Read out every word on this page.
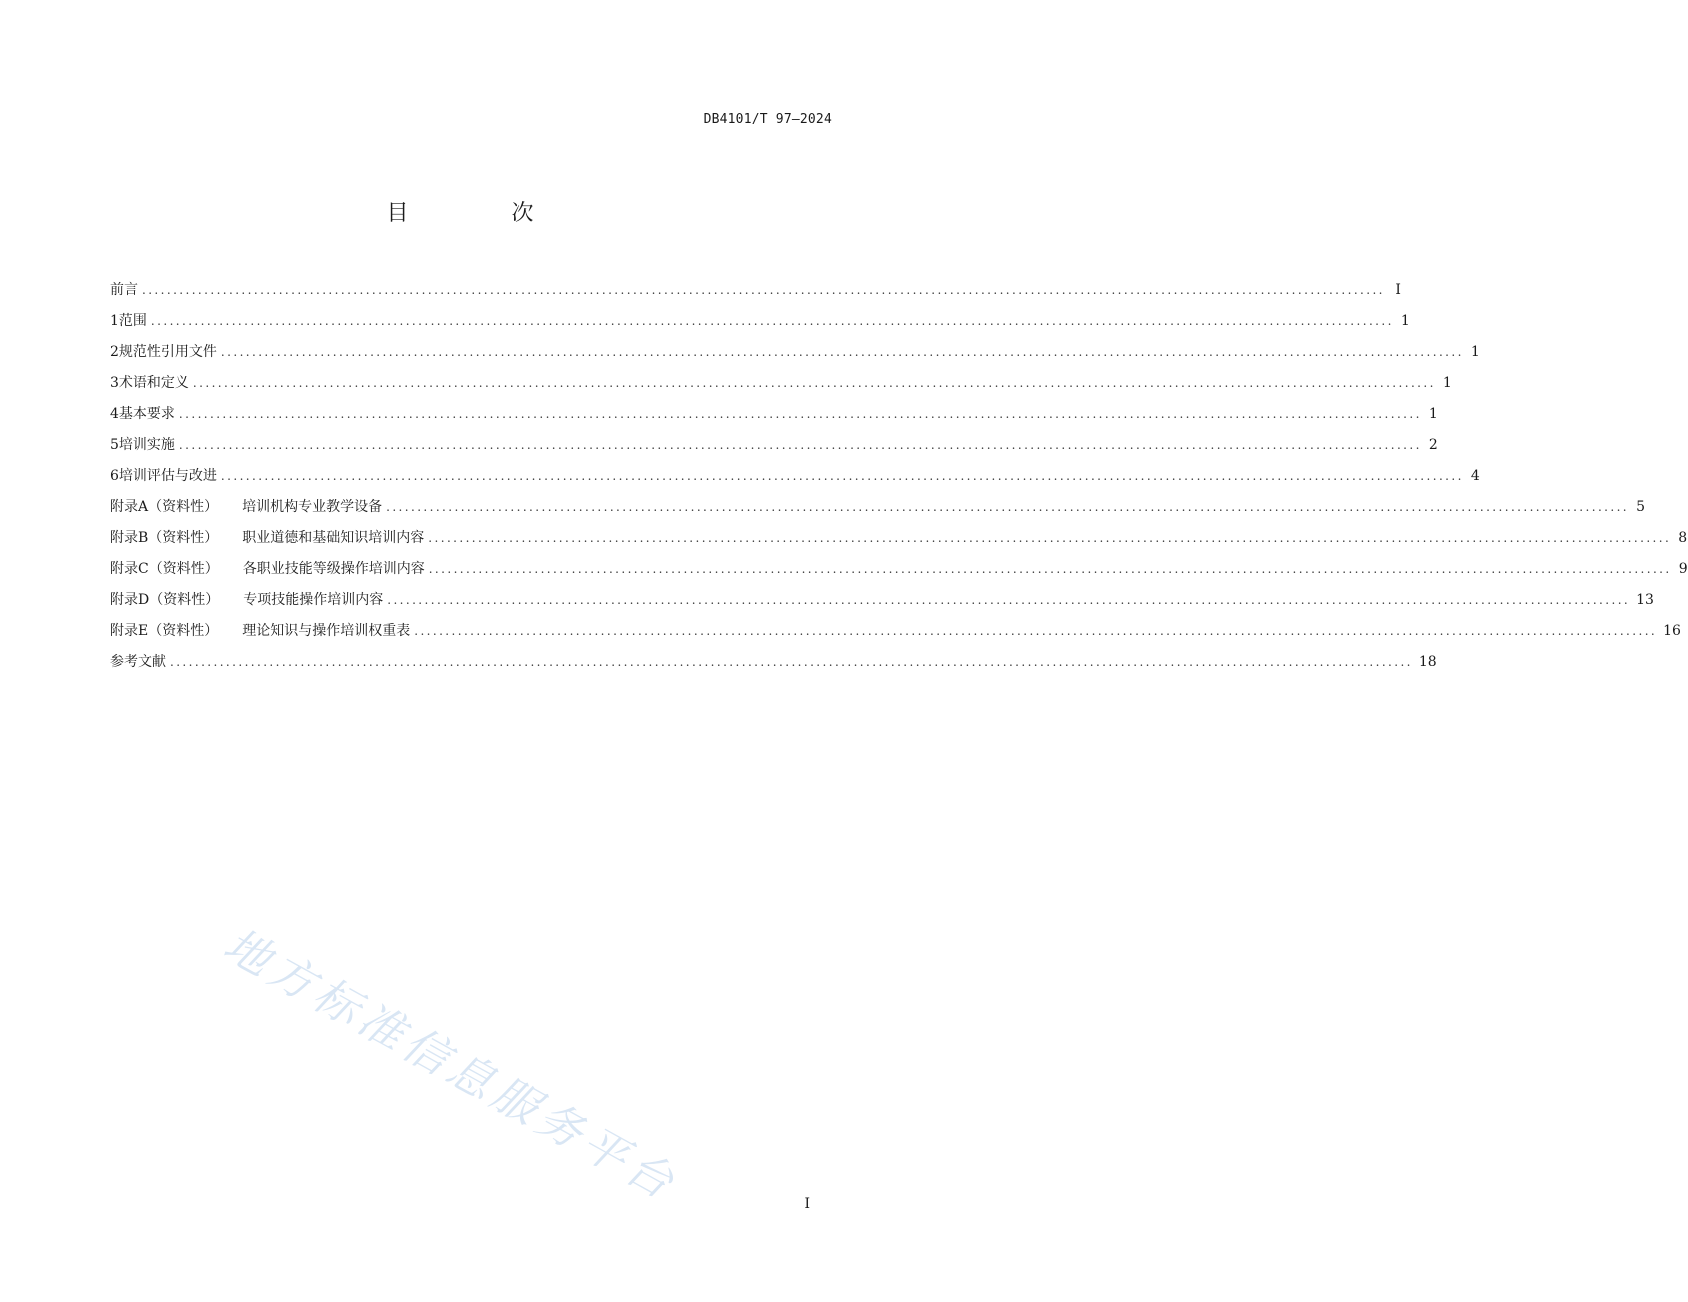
DB4101/T 97—2024
目 次
前言 ........................................................................................................................................................................................................ I
1 范围 ........................................................................................................................................................................................................ 1
2 规范性引用文件 ........................................................................................................................................................................................................ 1
3 术语和定义 ........................................................................................................................................................................................................ 1
4 基本要求 ........................................................................................................................................................................................................ 1
5 培训实施 ........................................................................................................................................................................................................ 2
6 培训评估与改进 ........................................................................................................................................................................................................ 4
附录A（资料性） 培训机构专业教学设备 ........................................................................................................................................................................................................ 5
附录B（资料性） 职业道德和基础知识培训内容 ........................................................................................................................................................................................................ 8
附录C（资料性） 各职业技能等级操作培训内容 ........................................................................................................................................................................................................ 9
附录D（资料性） 专项技能操作培训内容 ........................................................................................................................................................................................................ 13
附录E（资料性） 理论知识与操作培训权重表 ........................................................................................................................................................................................................ 16
参考文献 ........................................................................................................................................................................................................ 18
地方标准信息服务平台	I
